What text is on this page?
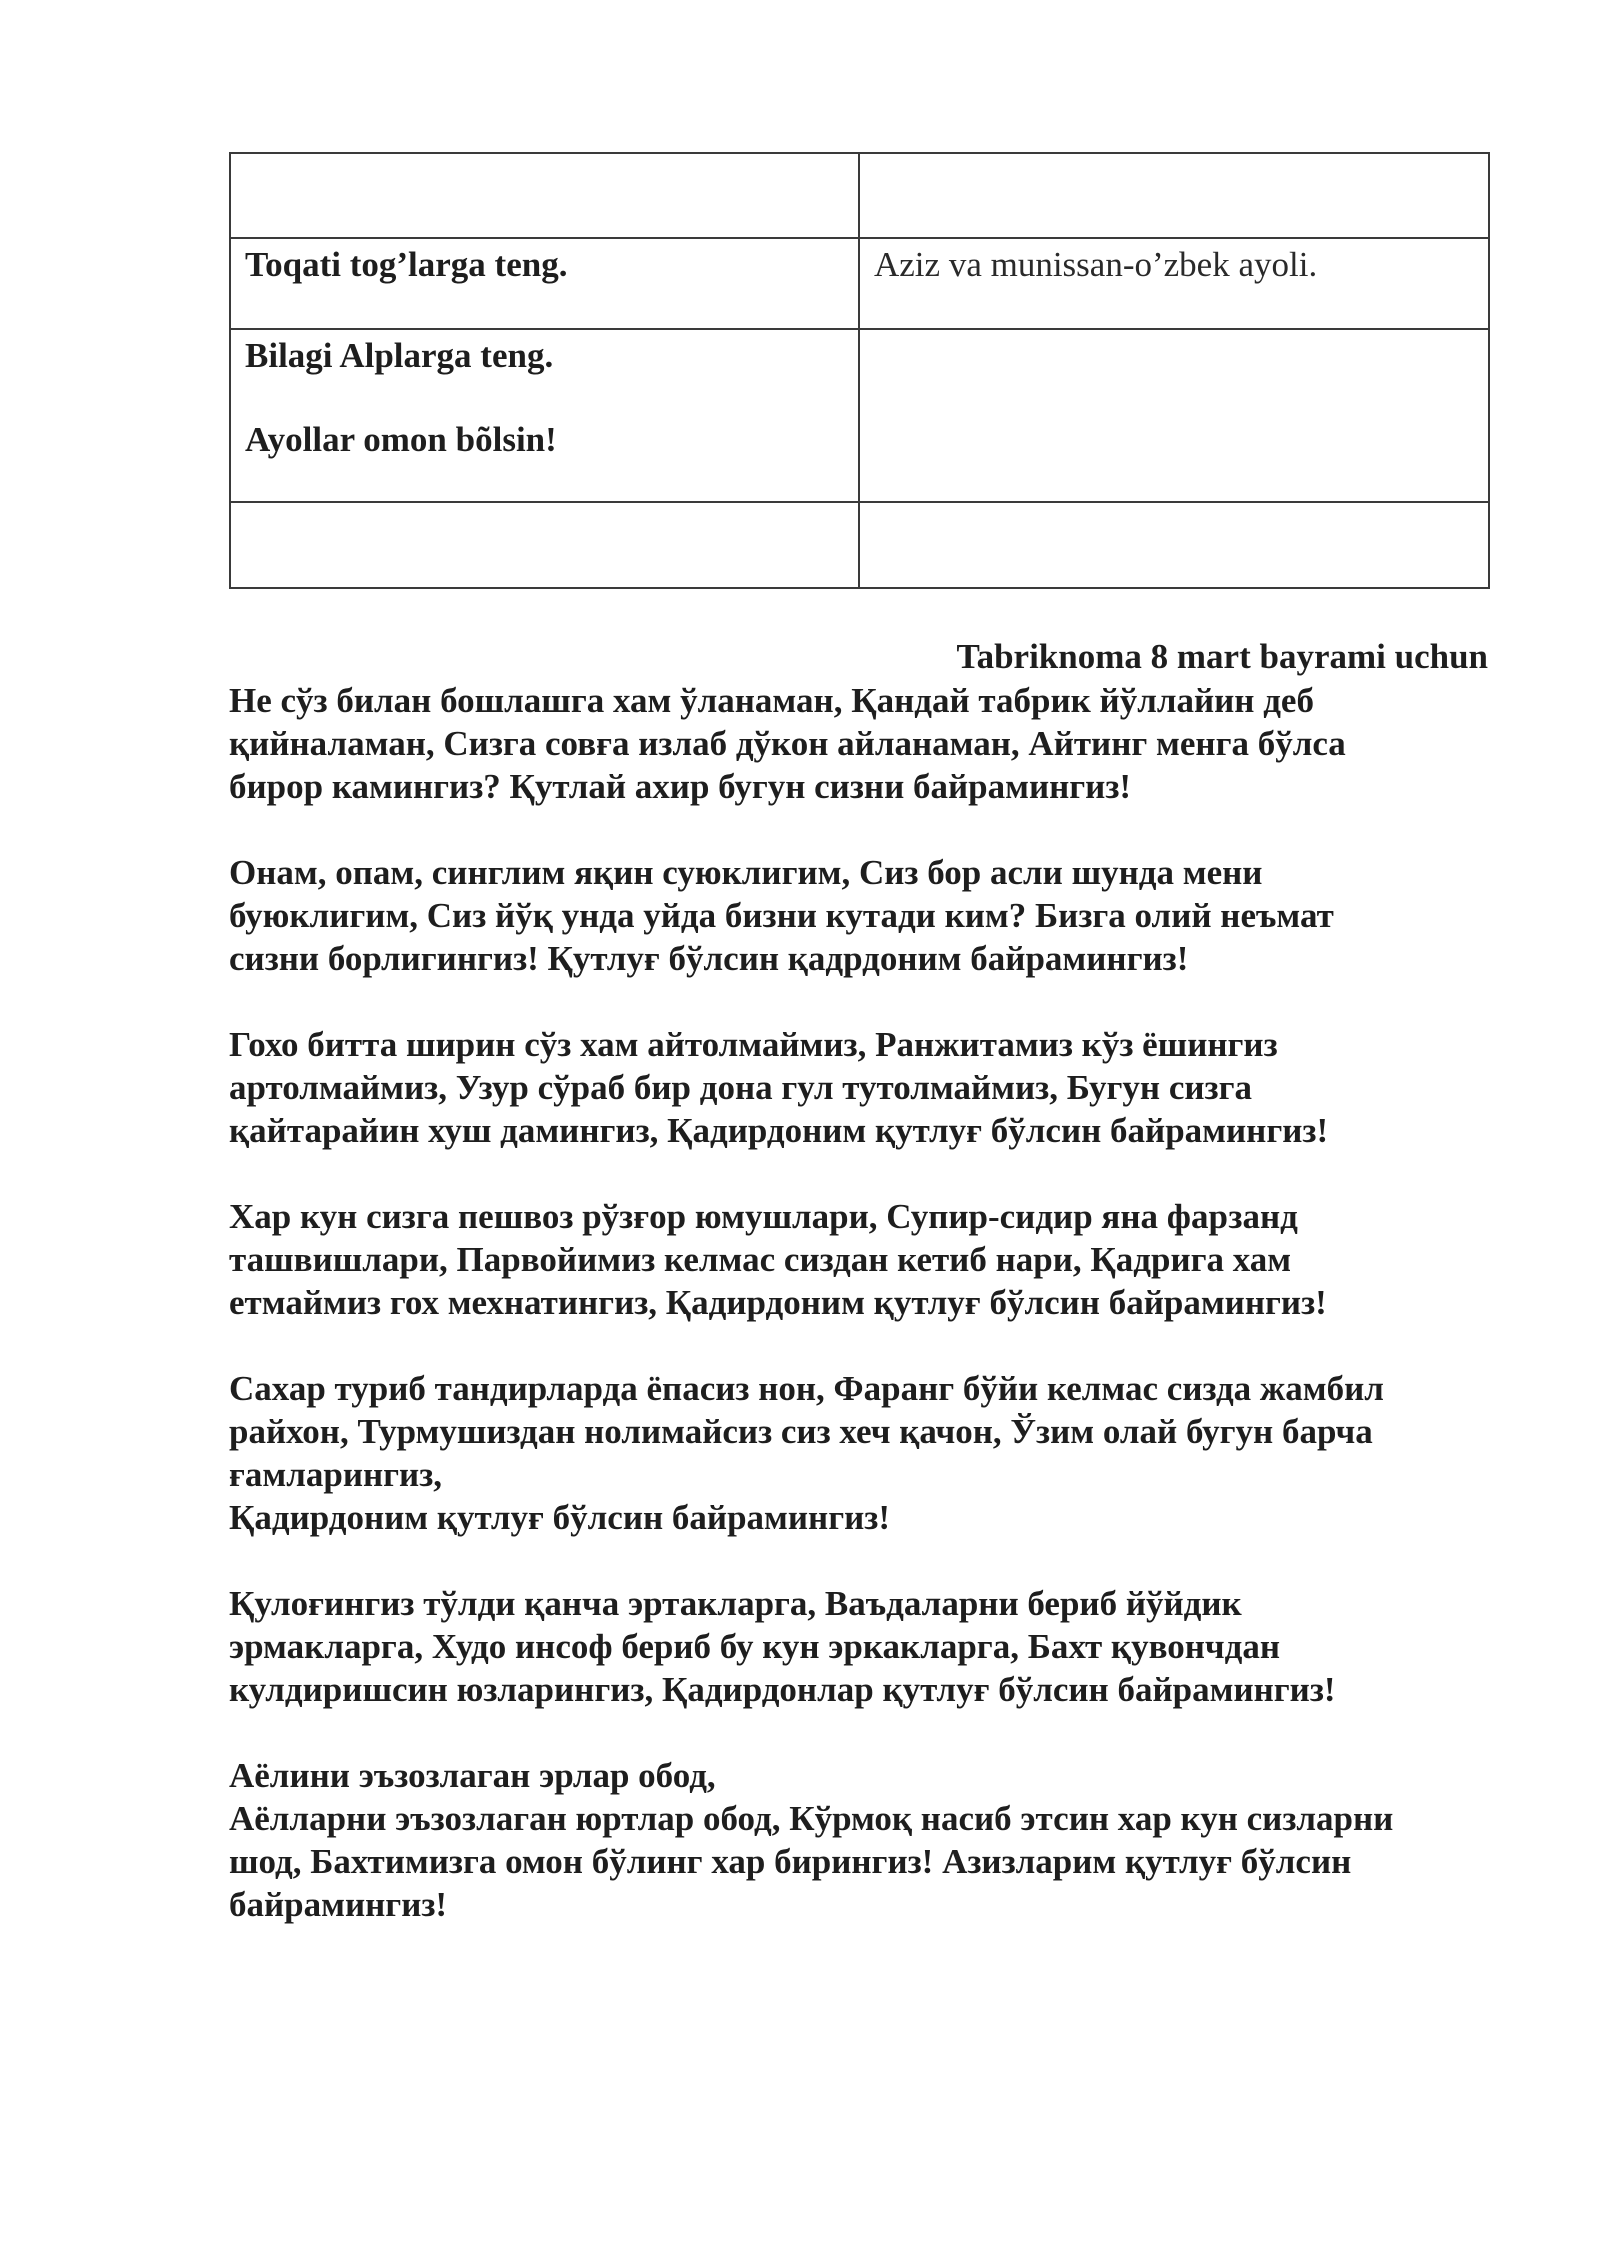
Toqati tog’larga teng.	Aziz va munissan-o’zbek ayoli.

Bilagi Alplarga teng.

Ayollar omon bõlsin!	

Tabriknoma 8 mart bayrami uchun
Не сўз билан бошлашга хам ўланаман, Қандай табрик йўллайин деб
қийналаман, Сизга совға излаб дўкон айланаман, Айтинг менга бўлса
бирор камингиз? Қутлай ахир бугун сизни байрамингиз!
Онам, опам, синглим яқин суюклигим, Сиз бор асли шунда мени
буюклигим, Сиз йўқ унда уйда бизни кутади ким? Бизга олий неъмат
сизни борлигингиз! Қутлуғ бўлсин қадрдоним байрамингиз!
Гохо битта ширин сўз хам айтолмаймиз, Ранжитамиз кўз ёшингиз
артолмаймиз, Узур сўраб бир дона гул тутолмаймиз, Бугун сизга
қайтарайин хуш дамингиз, Қадирдоним қутлуғ бўлсин байрамингиз!
Хар кун сизга пешвоз рўзғор юмушлари, Супир-сидир яна фарзанд
ташвишлари, Парвойимиз келмас сиздан кетиб нари, Қадрига хам
етмаймиз гох мехнатингиз, Қадирдоним қутлуғ бўлсин байрамингиз!
Сахар туриб тандирларда ёпасиз нон, Фаранг бўйи келмас сизда жамбил
райхон, Турмушиздан нолимайсиз сиз хеч қачон, Ўзим олай бугун барча
ғамларингиз,
Қадирдоним қутлуғ бўлсин байрамингиз!
Қулоғингиз тўлди қанча эртакларга, Ваъдаларни бериб йўйдик
эрмакларга, Худо инсоф бериб бу кун эркакларга, Бахт қувончдан
кулдиришсин юзларингиз, Қадирдонлар қутлуғ бўлсин байрамингиз!
Аёлини эъзозлаган эрлар обод,
Аёлларни эъзозлаган юртлар обод, Кўрмоқ насиб этсин хар кун сизларни
шод, Бахтимизга омон бўлинг хар бирингиз! Азизларим қутлуғ бўлсин
байрамингиз!
